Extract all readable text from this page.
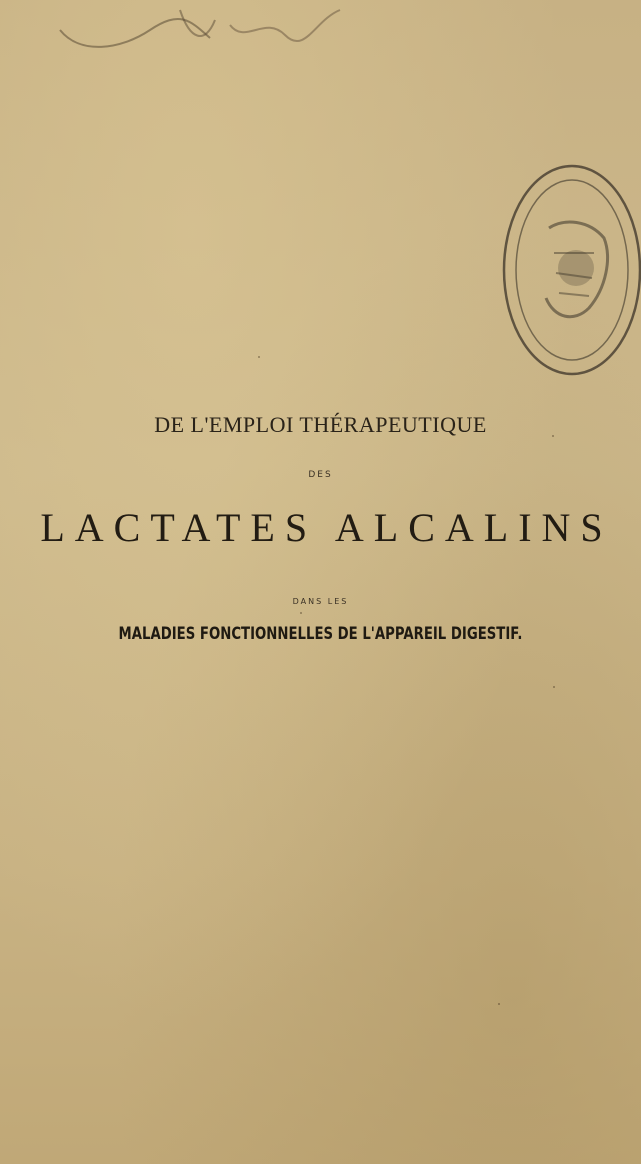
DE L'EMPLOI THÉRAPEUTIQUE
DES
LACTATES ALCALINS
DANS LES
MALADIES FONCTIONNELLES DE L'APPAREIL DIGESTIF.
